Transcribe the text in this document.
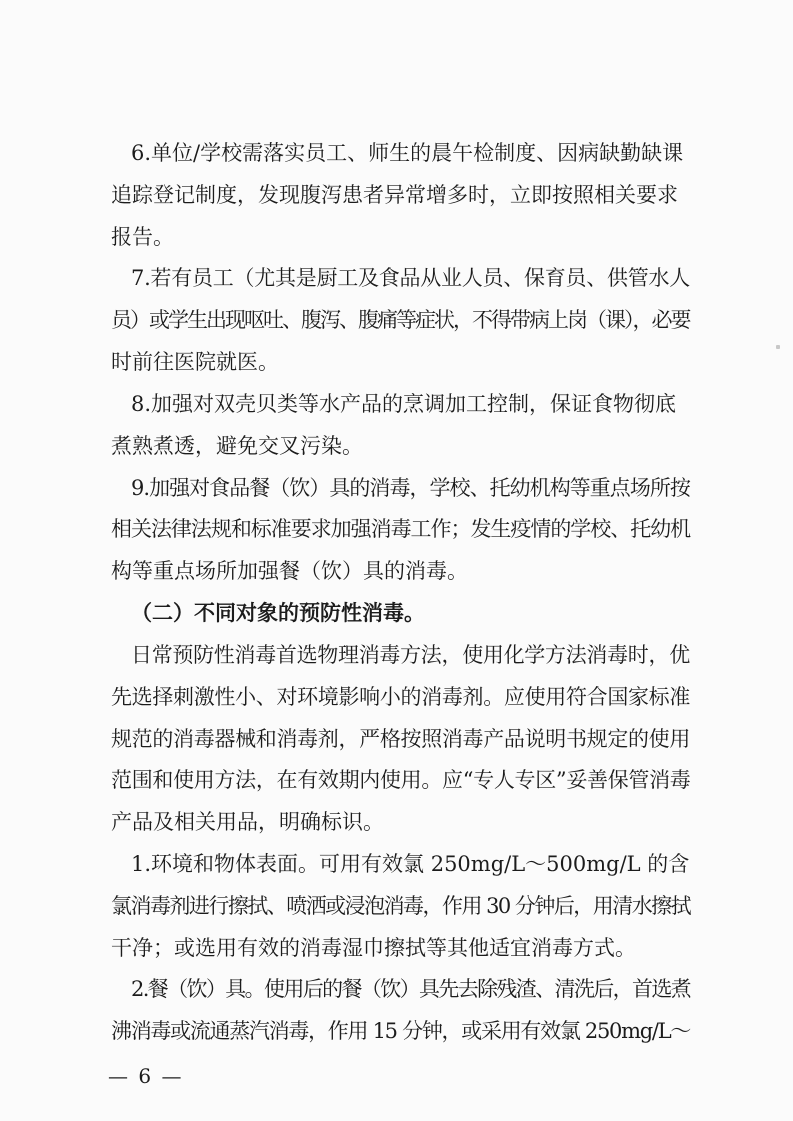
6.单位/学校需落实员工、师生的晨午检制度、因病缺勤缺课
追踪登记制度，发现腹泻患者异常增多时，立即按照相关要求
报告。
7.若有员工（尤其是厨工及食品从业人员、保育员、供管水人
员）或学生出现呕吐、腹泻、腹痛等症状，不得带病上岗（课），必要
时前往医院就医。
8.加强对双壳贝类等水产品的烹调加工控制，保证食物彻底
煮熟煮透，避免交叉污染。
9.加强对食品餐（饮）具的消毒，学校、托幼机构等重点场所按
相关法律法规和标准要求加强消毒工作；发生疫情的学校、托幼机
构等重点场所加强餐（饮）具的消毒。
（二）不同对象的预防性消毒。
日常预防性消毒首选物理消毒方法，使用化学方法消毒时，优
先选择刺激性小、对环境影响小的消毒剂。应使用符合国家标准
规范的消毒器械和消毒剂，严格按照消毒产品说明书规定的使用
范围和使用方法，在有效期内使用。应“专人专区”妥善保管消毒
产品及相关用品，明确标识。
1.环境和物体表面。可用有效氯 250mg/L～500mg/L 的含
氯消毒剂进行擦拭、喷洒或浸泡消毒，作用 30 分钟后，用清水擦拭
干净；或选用有效的消毒湿巾擦拭等其他适宜消毒方式。
2.餐（饮）具。使用后的餐（饮）具先去除残渣、清洗后，首选煮
沸消毒或流通蒸汽消毒，作用 15 分钟，或采用有效氯 250mg/L～
— 6 —
